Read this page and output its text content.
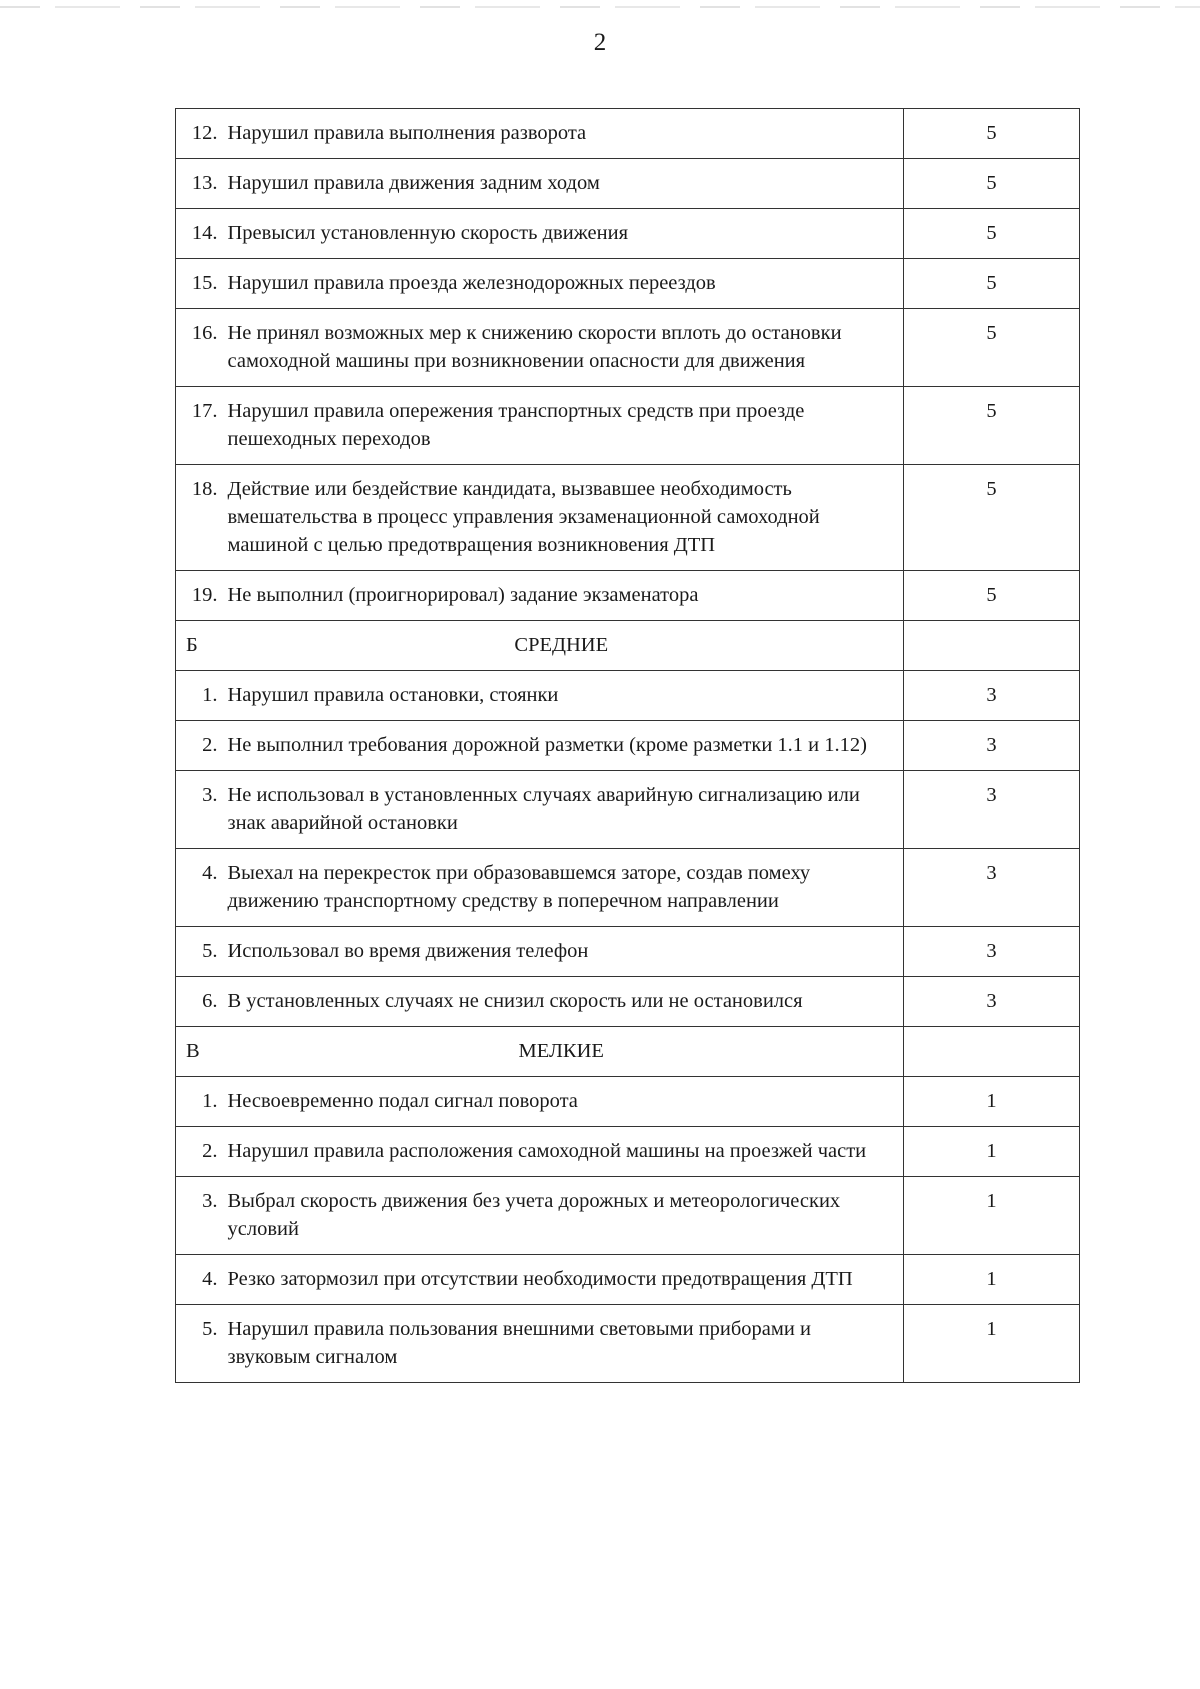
2
12.	Нарушил правила выполнения разворота	5
13.	Нарушил правила движения задним ходом	5
14.	Превысил установленную скорость движения	5
15.	Нарушил правила проезда железнодорожных переездов	5
16.	Не принял возможных мер к снижению скорости вплоть до остановки самоходной машины при возникновении опасности для движения	5
17.	Нарушил правила опережения транспортных средств при проезде пешеходных переходов	5
18.	Действие или бездействие кандидата, вызвавшее необходимость вмешательства в процесс управления экзаменационной самоходной машиной с целью предотвращения возникновения ДТП	5
19.	Не выполнил (проигнорировал) задание экзаменатора	5
Б	СРЕДНИЕ	
1.	Нарушил правила остановки, стоянки	3
2.	Не выполнил требования дорожной разметки (кроме разметки 1.1 и 1.12)	3
3.	Не использовал в установленных случаях аварийную сигнализацию или знак аварийной остановки	3
4.	Выехал на перекресток при образовавшемся заторе, создав помеху движению транспортному средству в поперечном направлении	3
5.	Использовал во время движения телефон	3
6.	В установленных случаях не снизил скорость или не остановился	3
В	МЕЛКИЕ	
1.	Несвоевременно подал сигнал поворота	1
2.	Нарушил правила расположения самоходной машины на проезжей части	1
3.	Выбрал скорость движения без учета дорожных и метеорологических условий	1
4.	Резко затормозил при отсутствии необходимости предотвращения ДТП	1
5.	Нарушил правила пользования внешними световыми приборами и звуковым сигналом	1
